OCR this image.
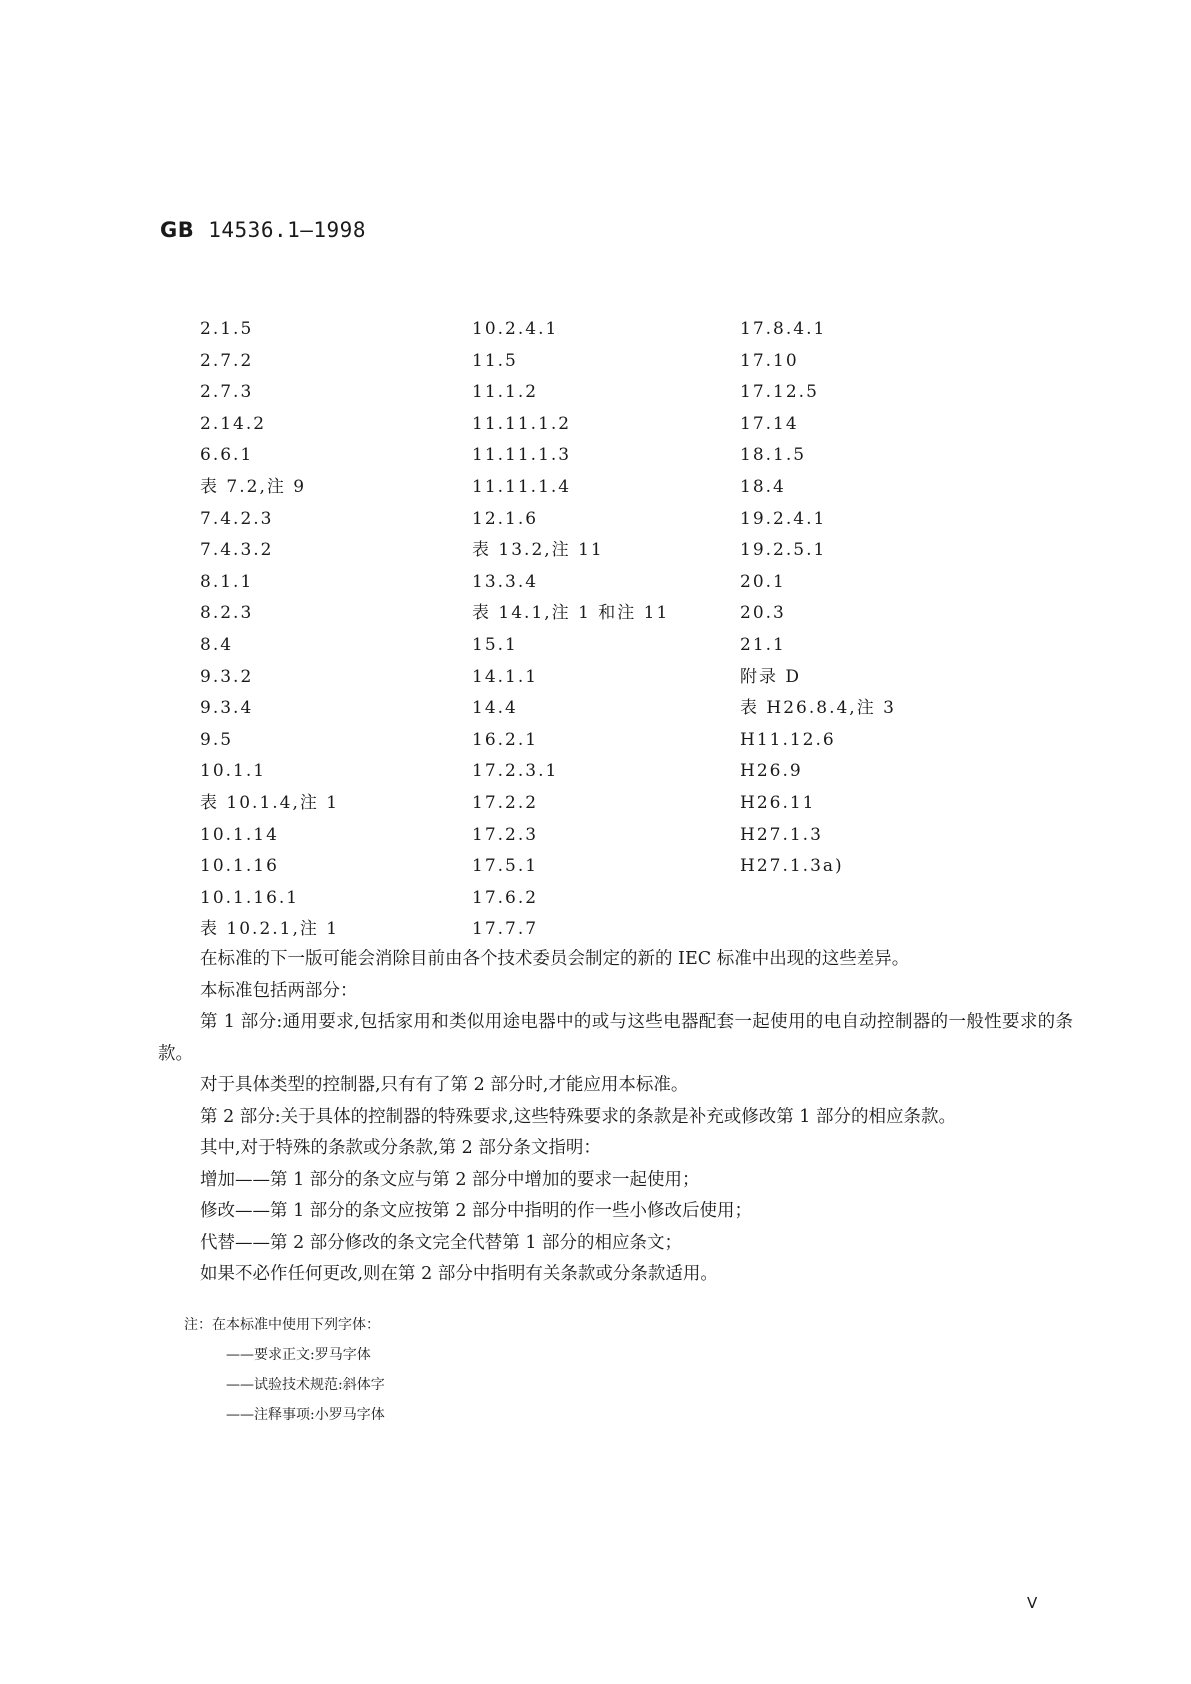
GB 14536.1—1998
2.1.5
2.7.2
2.7.3
2.14.2
6.6.1
表 7.2,注 9
7.4.2.3
7.4.3.2
8.1.1
8.2.3
8.4
9.3.2
9.3.4
9.5
10.1.1
表 10.1.4,注 1
10.1.14
10.1.16
10.1.16.1
表 10.2.1,注 1
10.2.4.1
11.5
11.1.2
11.11.1.2
11.11.1.3
11.11.1.4
12.1.6
表 13.2,注 11
13.3.4
表 14.1,注 1 和注 11
15.1
14.1.1
14.4
16.2.1
17.2.3.1
17.2.2
17.2.3
17.5.1
17.6.2
17.7.7
17.8.4.1
17.10
17.12.5
17.14
18.1.5
18.4
19.2.4.1
19.2.5.1
20.1
20.3
21.1
附录 D
表 H26.8.4,注 3
H11.12.6
H26.9
H26.11
H27.1.3
H27.1.3a)

在标准的下一版可能会消除目前由各个技术委员会制定的新的 IEC 标准中出现的这些差异。

本标准包括两部分：

第 1 部分:通用要求,包括家用和类似用途电器中的或与这些电器配套一起使用的电自动控制器的一般性要求的条款。

对于具体类型的控制器,只有有了第 2 部分时,才能应用本标准。

第 2 部分:关于具体的控制器的特殊要求,这些特殊要求的条款是补充或修改第 1 部分的相应条款。

其中,对于特殊的条款或分条款,第 2 部分条文指明：

增加——第 1 部分的条文应与第 2 部分中增加的要求一起使用；

修改——第 1 部分的条文应按第 2 部分中指明的作一些小修改后使用；

代替——第 2 部分修改的条文完全代替第 1 部分的相应条文；

如果不必作任何更改,则在第 2 部分中指明有关条款或分条款适用。

注：在本标准中使用下列字体：
——要求正文:罗马字体
——试验技术规范:斜体字
——注释事项:小罗马字体
V
